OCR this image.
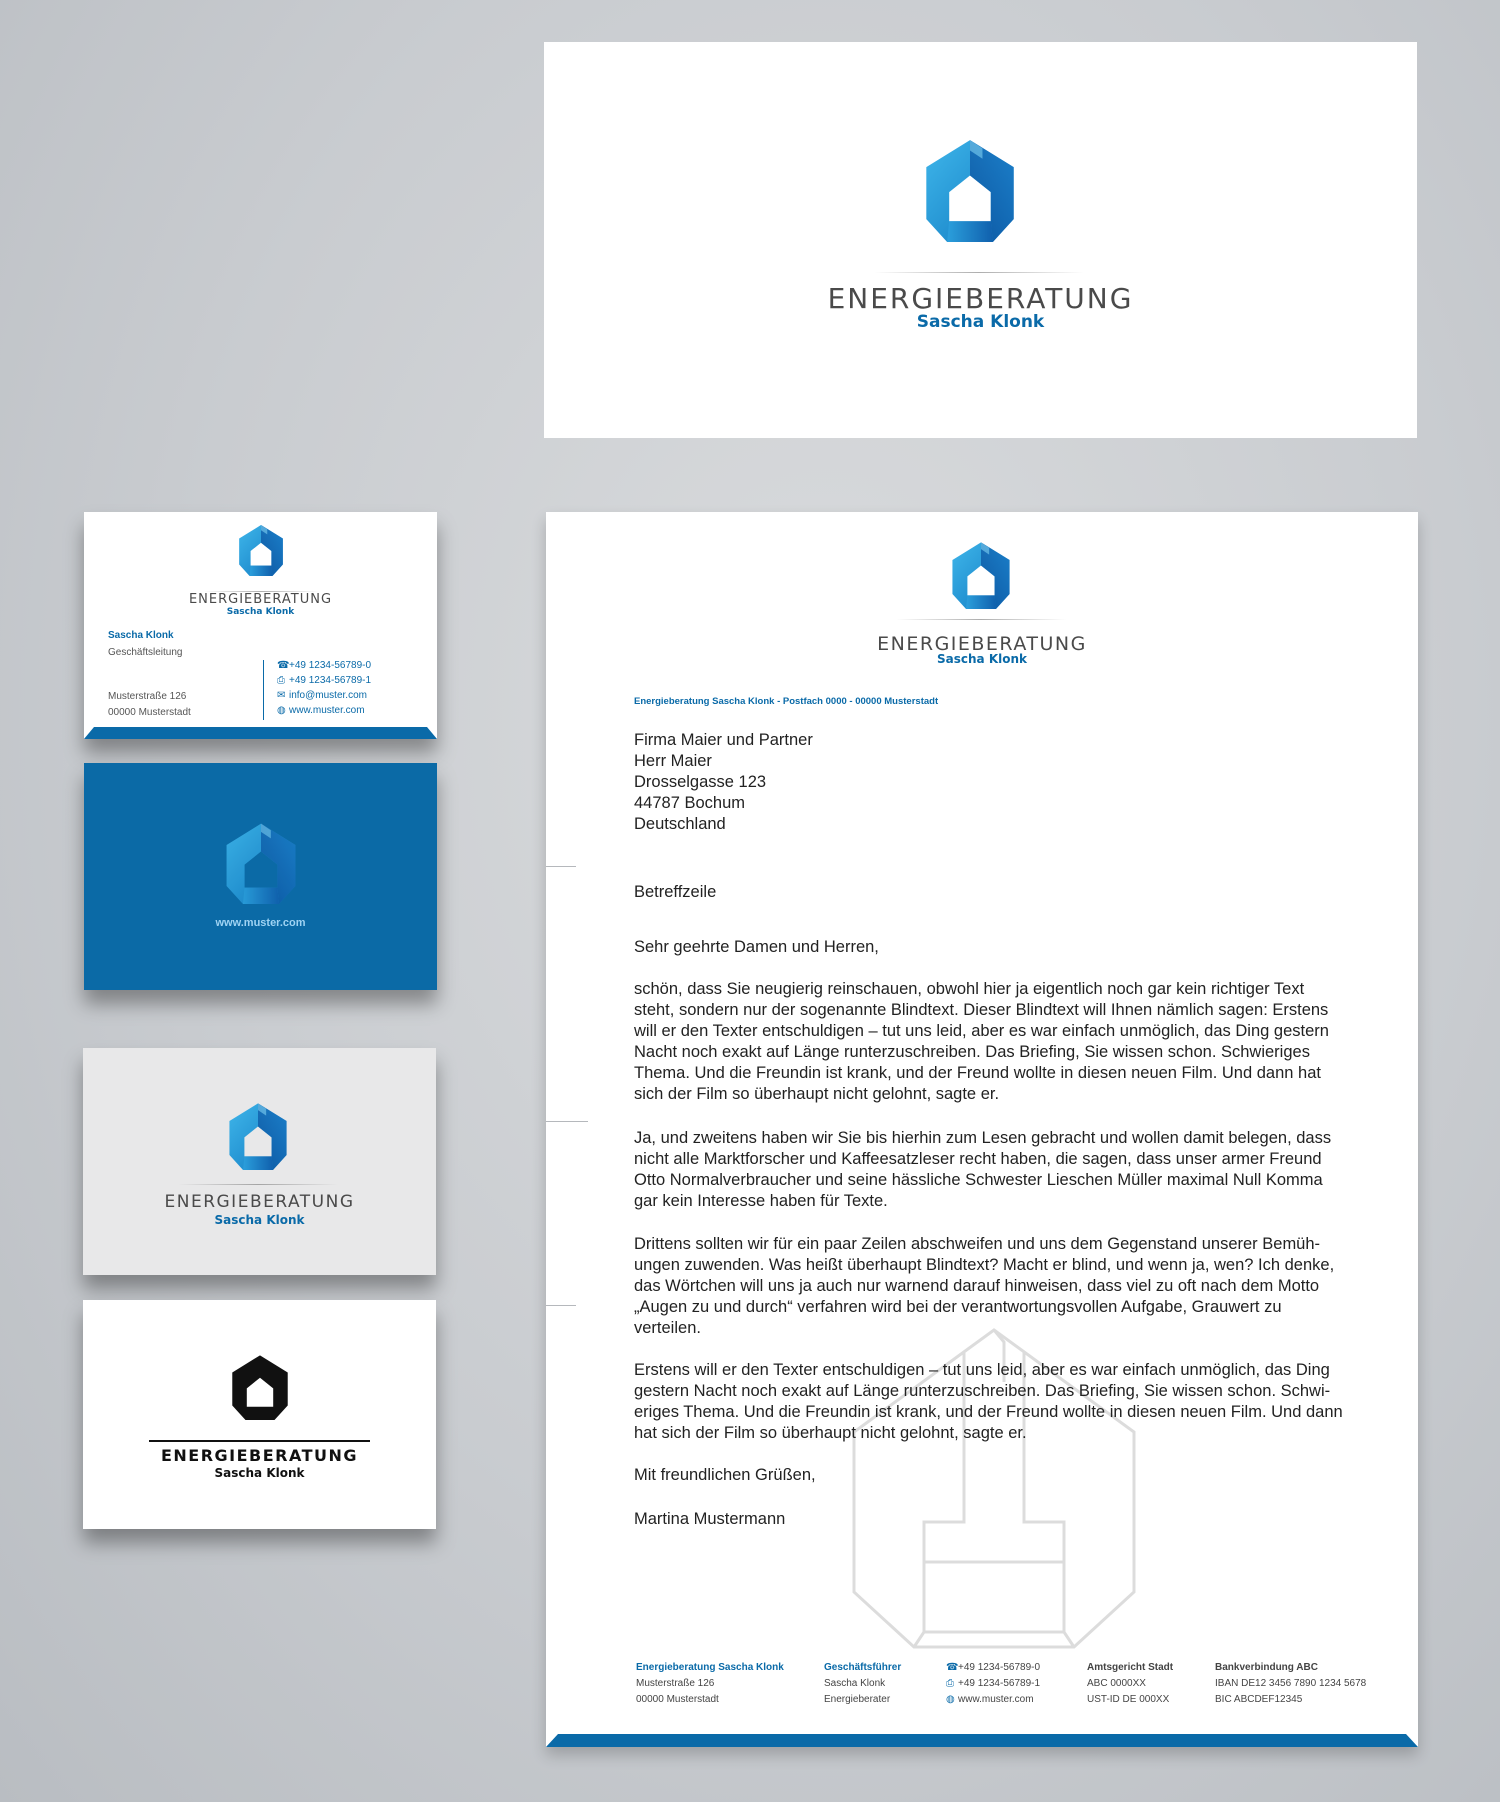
ENERGIEBERATUNG
Sascha Klonk
ENERGIEBERATUNG
Sascha Klonk
Sascha Klonk
Geschäftsleitung
Musterstraße 126
00000 Musterstadt
☎+49 1234-56789-0
⎙ +49 1234-56789-1
✉ info@muster.com
◍ www.muster.com
www.muster.com
ENERGIEBERATUNG
Sascha Klonk
ENERGIEBERATUNG
Sascha Klonk
ENERGIEBERATUNG
Sascha Klonk
Energieberatung Sascha Klonk - Postfach 0000 - 00000 Musterstadt
Firma Maier und Partner
Herr Maier
Drosselgasse 123
44787 Bochum
Deutschland
Betreffzeile
Sehr geehrte Damen und Herren,
schön, dass Sie neugierig reinschauen, obwohl hier ja eigentlich noch gar kein richtiger Text
steht, sondern nur der sogenannte Blindtext. Dieser Blindtext will Ihnen nämlich sagen: Erstens
will er den Texter entschuldigen – tut uns leid, aber es war einfach unmöglich, das Ding gestern
Nacht noch exakt auf Länge runterzuschreiben. Das Briefing, Sie wissen schon. Schwieriges
Thema. Und die Freundin ist krank, und der Freund wollte in diesen neuen Film. Und dann hat
sich der Film so überhaupt nicht gelohnt, sagte er.
Ja, und zweitens haben wir Sie bis hierhin zum Lesen gebracht und wollen damit belegen, dass
nicht alle Marktforscher und Kaffeesatzleser recht haben, die sagen, dass unser armer Freund
Otto Normalverbraucher und seine hässliche Schwester Lieschen Müller maximal Null Komma
gar kein Interesse haben für Texte.
Drittens sollten wir für ein paar Zeilen abschweifen und uns dem Gegenstand unserer Bemüh-
ungen zuwenden. Was heißt überhaupt Blindtext? Macht er blind, und wenn ja, wen? Ich denke,
das Wörtchen will uns ja auch nur warnend darauf hinweisen, dass viel zu oft nach dem Motto
„Augen zu und durch“ verfahren wird bei der verantwortungsvollen Aufgabe, Grauwert zu
verteilen.
Erstens will er den Texter entschuldigen – tut uns leid, aber es war einfach unmöglich, das Ding
gestern Nacht noch exakt auf Länge runterzuschreiben. Das Briefing, Sie wissen schon. Schwi-
eriges Thema. Und die Freundin ist krank, und der Freund wollte in diesen neuen Film. Und dann
hat sich der Film so überhaupt nicht gelohnt, sagte er.
Mit freundlichen Grüßen,
Martina Mustermann
Energieberatung Sascha Klonk
Musterstraße 126
00000 Musterstadt
Geschäftsführer
Sascha Klonk
Energieberater
☎+49 1234-56789-0
⎙ +49 1234-56789-1
◍ www.muster.com
Amtsgericht Stadt
ABC 0000XX
UST-ID DE 000XX
Bankverbindung ABC
IBAN DE12 3456 7890 1234 5678
BIC ABCDEF12345
